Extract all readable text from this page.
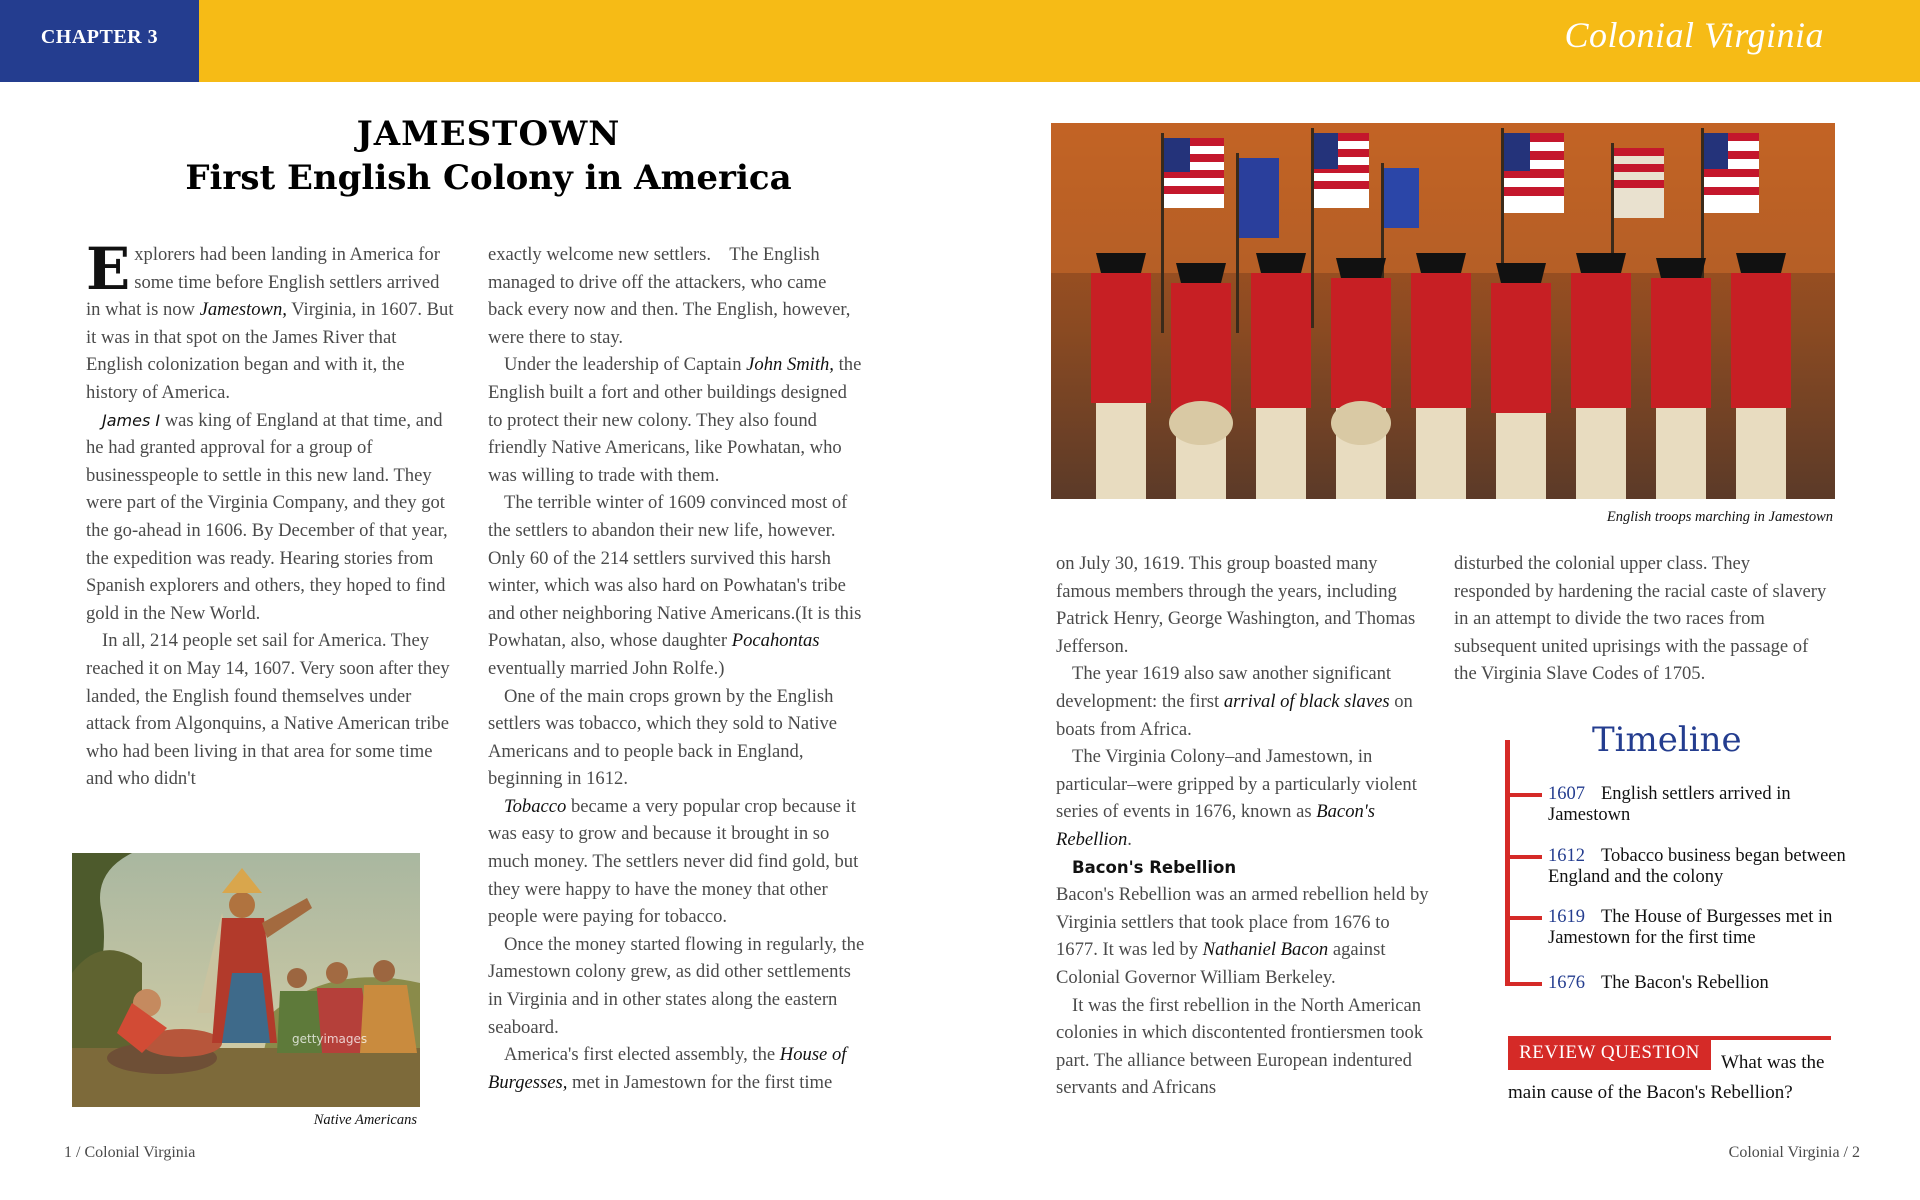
CHAPTER 3	Colonial Virginia
JAMESTOWN
First English Colony in America

Explorers had been landing in America for some time before English settlers arrived in what is now Jamestown, Virginia, in 1607. But it was in that spot on the James River that English colonization began and with it, the history of America.

James I was king of England at that time, and he had granted approval for a group of businesspeople to settle in this new land. They were part of the Virginia Company, and they got the go-ahead in 1606. By December of that year, the expedition was ready. Hearing stories from Spanish explorers and others, they hoped to find gold in the New World.

In all, 214 people set sail for America. They reached it on May 14, 1607. Very soon after they landed, the English found themselves under attack from Algonquins, a Native American tribe who had been living in that area for some time and who didn't

gettyimages
Native Americans

exactly welcome new settlers.    The English managed to drive off the attackers, who came back every now and then. The English, however, were there to stay.

Under the leadership of Captain John Smith, the English built a fort and other buildings designed to protect their new colony. They also found friendly Native Americans, like Powhatan, who was willing to trade with them.

The terrible winter of 1609 convinced most of the settlers to abandon their new life, however. Only 60 of the 214 settlers survived this harsh winter, which was also hard on Powhatan's tribe and other neighboring Native Americans.(It is this Powhatan, also, whose daughter Pocahontas eventually married John Rolfe.)

One of the main crops grown by the English settlers was tobacco, which they sold to Native Americans and to people back in England, beginning in 1612.

Tobacco became a very popular crop because it was easy to grow and because it brought in so much money. The settlers never did find gold, but they were happy to have the money that other people were paying for tobacco.

Once the money started flowing in regularly, the Jamestown colony grew, as did other settlements in Virginia and in other states along the eastern seaboard.

America's first elected assembly, the House of Burgesses, met in Jamestown for the first time

English troops marching in Jamestown

on July 30, 1619. This group boasted many famous members through the years, including Patrick Henry, George Washington, and Thomas Jefferson.

The year 1619 also saw another significant development: the first arrival of black slaves on boats from Africa.

The Virginia Colony–and Jamestown, in particular–were gripped by a particularly violent series of events in 1676, known as Bacon's Rebellion.

Bacon's Rebellion

Bacon's Rebellion was an armed rebellion held by Virginia settlers that took place from 1676 to 1677. It was led by Nathaniel Bacon against Colonial Governor William Berkeley.

It was the first rebellion in the North American colonies in which discontented frontiersmen took part. The alliance between European indentured servants and Africans

disturbed the colonial upper class. They responded by hardening the racial caste of slavery in an attempt to divide the two races from subsequent united uprisings with the passage of the Virginia Slave Codes of 1705.

Timeline
1607 English settlers arrived in Jamestown
1612 Tobacco business began between England and the colony
1619 The House of Burgesses met in Jamestown for the first time
1676 The Bacon's Rebellion
REVIEW QUESTION	What was the
main cause of the Bacon's Rebellion?
1 / Colonial Virginia	Colonial Virginia / 2
